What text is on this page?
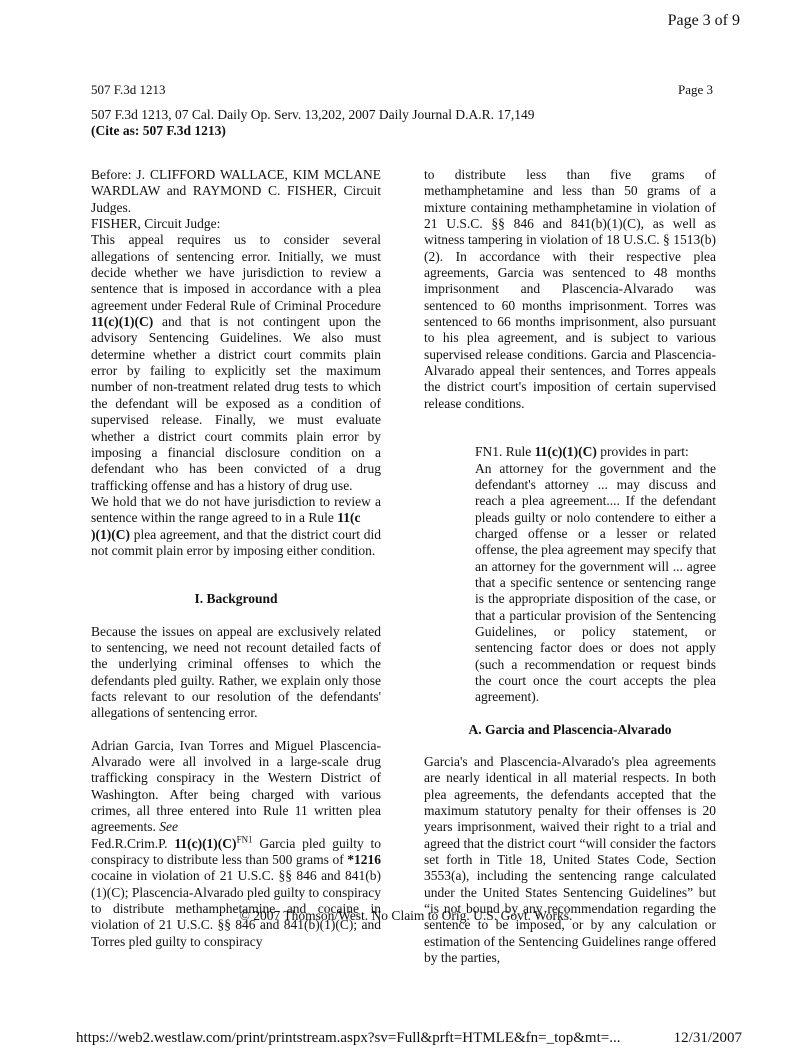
Page 3 of 9
507 F.3d 1213	Page 3
507 F.3d 1213, 07 Cal. Daily Op. Serv. 13,202, 2007 Daily Journal D.A.R. 17,149
(Cite as: 507 F.3d 1213)

Before: J. CLIFFORD WALLACE, KIM MCLANE WARDLAW and RAYMOND C. FISHER, Circuit Judges.

FISHER, Circuit Judge:

This appeal requires us to consider several allegations of sentencing error. Initially, we must decide whether we have jurisdiction to review a sentence that is imposed in accordance with a plea agreement under Federal Rule of Criminal Procedure 11(c)(1)(C) and that is not contingent upon the advisory Sentencing Guidelines. We also must determine whether a district court commits plain error by failing to explicitly set the maximum number of non-treatment related drug tests to which the defendant will be exposed as a condition of supervised release. Finally, we must evaluate whether a district court commits plain error by imposing a financial disclosure condition on a defendant who has been convicted of a drug trafficking offense and has a history of drug use.

We hold that we do not have jurisdiction to review a sentence within the range agreed to in a Rule 11(c
)(1)(C) plea agreement, and that the district court did not commit plain error by imposing either condition.

I. Background

Because the issues on appeal are exclusively related to sentencing, we need not recount detailed facts of the underlying criminal offenses to which the defendants pled guilty. Rather, we explain only those facts relevant to our resolution of the defendants' allegations of sentencing error.

Adrian Garcia, Ivan Torres and Miguel Plascencia-Alvarado were all involved in a large-scale drug trafficking conspiracy in the Western District of Washington. After being charged with various crimes, all three entered into Rule 11 written plea agreements. See
Fed.R.Crim.P. $11(c)(1)(C)^{FN1}$ Garcia pled guilty to conspiracy to distribute less than 500 grams of *1216 cocaine in violation of 21 U.S.C. §§ 846 and 841(b)(1)(C); Plascencia-Alvarado pled guilty to conspiracy to distribute methamphetamine and cocaine in violation of 21 U.S.C. §§ 846 and 841(b)(1)(C); and Torres pled guilty to conspiracy

to distribute less than five grams of methamphetamine and less than 50 grams of a mixture containing methamphetamine in violation of 21 U.S.C. §§ 846 and 841(b)(1)(C), as well as witness tampering in violation of 18 U.S.C. § 1513(b)(2). In accordance with their respective plea agreements, Garcia was sentenced to 48 months imprisonment and Plascencia-Alvarado was sentenced to 60 months imprisonment. Torres was sentenced to 66 months imprisonment, also pursuant to his plea agreement, and is subject to various supervised release conditions. Garcia and Plascencia-Alvarado appeal their sentences, and Torres appeals the district court's imposition of certain supervised release conditions.

FN1. Rule 11(c)(1)(C) provides in part:

An attorney for the government and the defendant's attorney ... may discuss and reach a plea agreement.... If the defendant pleads guilty or nolo contendere to either a charged offense or a lesser or related offense, the plea agreement may specify that an attorney for the government will ... agree that a specific sentence or sentencing range is the appropriate disposition of the case, or that a particular provision of the Sentencing Guidelines, or policy statement, or sentencing factor does or does not apply (such a recommendation or request binds the court once the court accepts the plea agreement).

A. Garcia and Plascencia-Alvarado

Garcia's and Plascencia-Alvarado's plea agreements are nearly identical in all material respects. In both plea agreements, the defendants accepted that the maximum statutory penalty for their offenses is 20 years imprisonment, waived their right to a trial and agreed that the district court “will consider the factors set forth in Title 18, United States Code, Section 3553(a), including the sentencing range calculated under the United States Sentencing Guidelines” but “is not bound by any recommendation regarding the sentence to be imposed, or by any calculation or estimation of the Sentencing Guidelines range offered by the parties,

© 2007 Thomson/West. No Claim to Orig. U.S. Govt. Works.
https://web2.westlaw.com/print/printstream.aspx?sv=Full&prft=HTMLE&fn=_top&mt=...	12/31/2007
